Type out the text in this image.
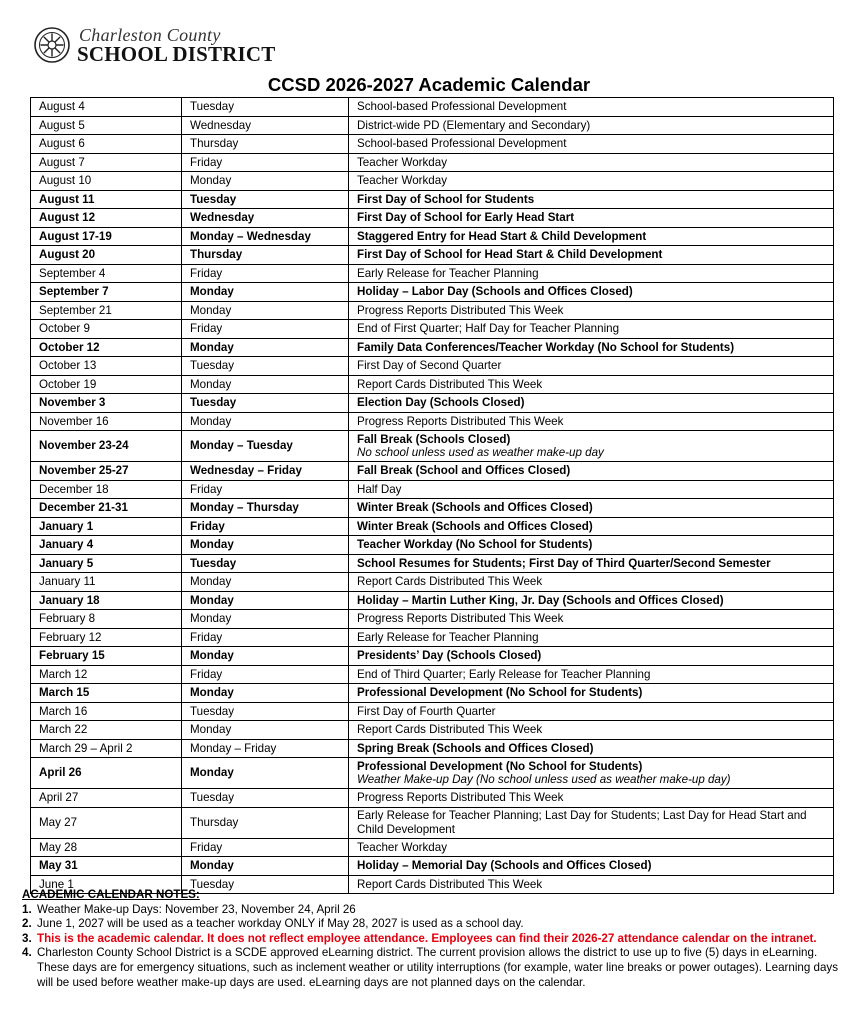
Charleston County
SCHOOL DISTRICT
CCSD 2026-2027 Academic Calendar
August 4	Tuesday	School-based Professional Development
August 5	Wednesday	District-wide PD (Elementary and Secondary)
August 6	Thursday	School-based Professional Development
August 7	Friday	Teacher Workday
August 10	Monday	Teacher Workday
August 11	Tuesday	First Day of School for Students
August 12	Wednesday	First Day of School for Early Head Start
August 17-19	Monday – Wednesday	Staggered Entry for Head Start & Child Development
August 20	Thursday	First Day of School for Head Start & Child Development
September 4	Friday	Early Release for Teacher Planning
September 7	Monday	Holiday – Labor Day (Schools and Offices Closed)
September 21	Monday	Progress Reports Distributed This Week
October 9	Friday	End of First Quarter; Half Day for Teacher Planning
October 12	Monday	Family Data Conferences/Teacher Workday (No School for Students)
October 13	Tuesday	First Day of Second Quarter
October 19	Monday	Report Cards Distributed This Week
November 3	Tuesday	Election Day (Schools Closed)
November 16	Monday	Progress Reports Distributed This Week
November 23-24	Monday – Tuesday	Fall Break (Schools Closed)
No school unless used as weather make-up day

November 25-27	Wednesday – Friday	Fall Break (School and Offices Closed)
December 18	Friday	Half Day
December 21-31	Monday – Thursday	Winter Break (Schools and Offices Closed)
January 1	Friday	Winter Break (Schools and Offices Closed)
January 4	Monday	Teacher Workday (No School for Students)
January 5	Tuesday	School Resumes for Students; First Day of Third Quarter/Second Semester
January 11	Monday	Report Cards Distributed This Week
January 18	Monday	Holiday – Martin Luther King, Jr. Day (Schools and Offices Closed)
February 8	Monday	Progress Reports Distributed This Week
February 12	Friday	Early Release for Teacher Planning
February 15	Monday	Presidents’ Day (Schools Closed)
March 12	Friday	End of Third Quarter; Early Release for Teacher Planning
March 15	Monday	Professional Development (No School for Students)
March 16	Tuesday	First Day of Fourth Quarter
March 22	Monday	Report Cards Distributed This Week
March 29 – April 2	Monday – Friday	Spring Break (Schools and Offices Closed)
April 26	Monday	Professional Development (No School for Students)
Weather Make-up Day (No school unless used as weather make-up day)

April 27	Tuesday	Progress Reports Distributed This Week
May 27	Thursday	Early Release for Teacher Planning; Last Day for Students; Last Day for Head Start and Child Development
May 28	Friday	Teacher Workday
May 31	Monday	Holiday – Memorial Day (Schools and Offices Closed)
June 1	Tuesday	Report Cards Distributed This Week
ACADEMIC CALENDAR NOTES:
1. Weather Make-up Days: November 23, November 24, April 26
2. June 1, 2027 will be used as a teacher workday ONLY if May 28, 2027 is used as a school day.
3. This is the academic calendar. It does not reflect employee attendance. Employees can find their 2026-27 attendance calendar on the intranet.
4. Charleston County School District is a SCDE approved eLearning district. The current provision allows the district to use up to five (5) days in eLearning. These days are for emergency situations, such as inclement weather or utility interruptions (for example, water line breaks or power outages). Learning days will be used before weather make-up days are used. eLearning days are not planned days on the calendar.
